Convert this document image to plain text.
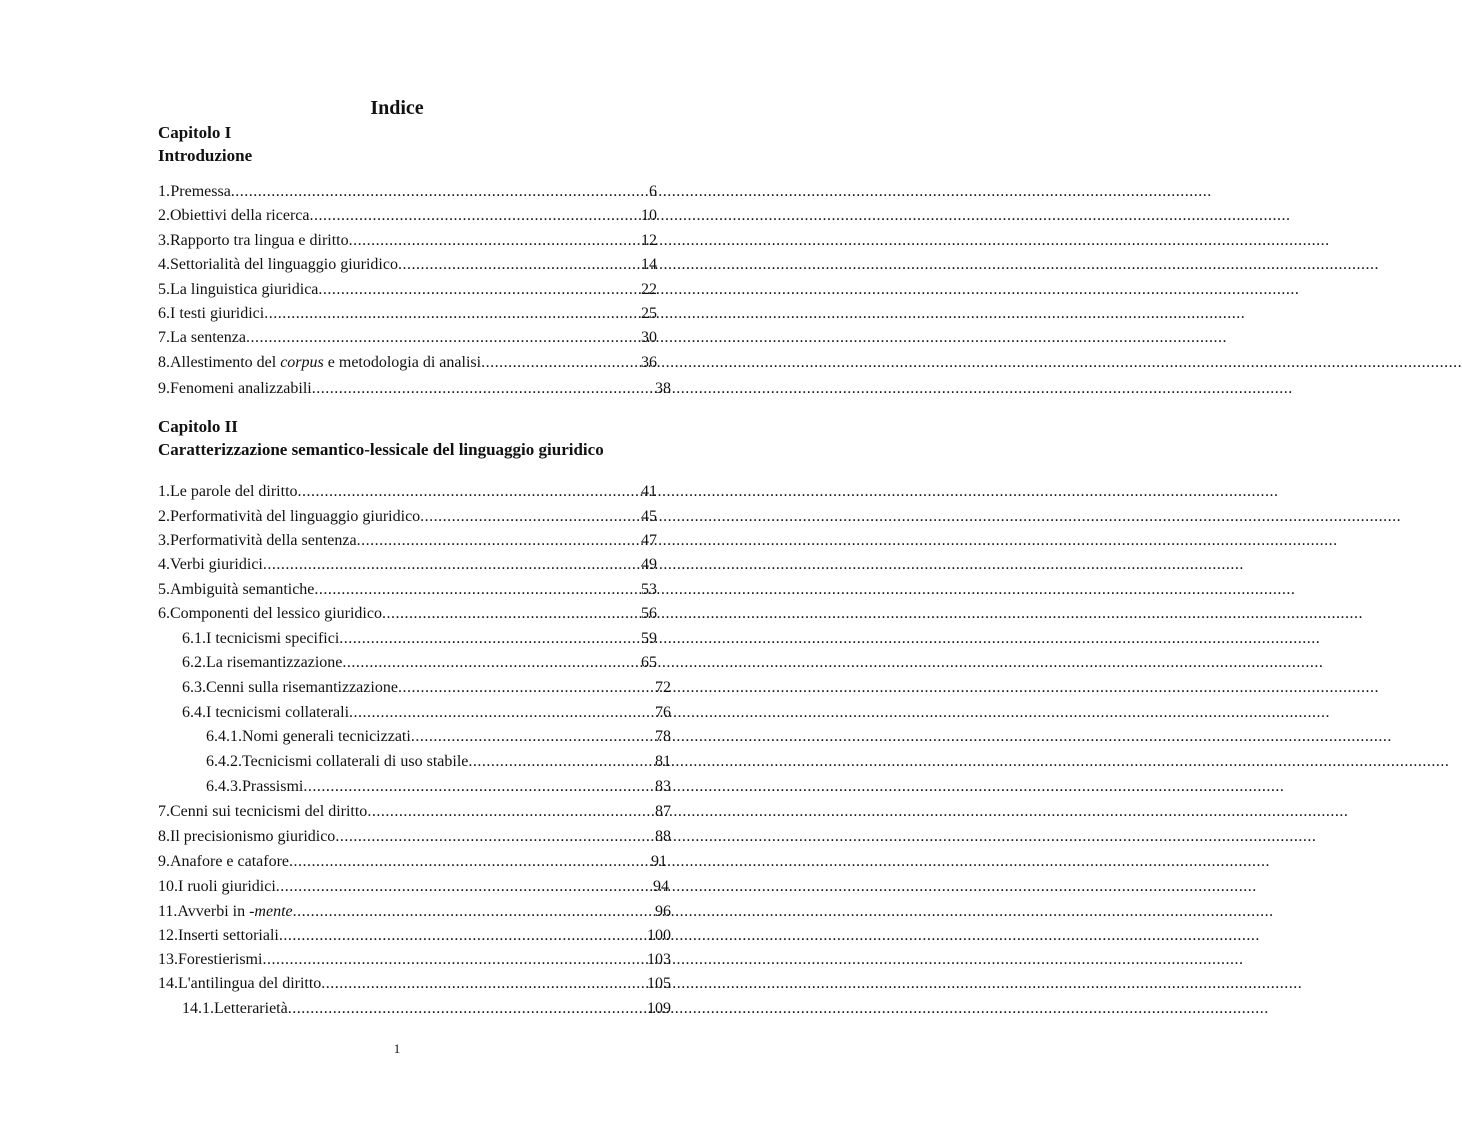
Indice
Capitolo I
Introduzione
1. Premessa .....	6
2. Obiettivi della ricerca .....	10
3. Rapporto tra lingua e diritto .....	12
4. Settorialità del linguaggio giuridico .....	14
5. La linguistica giuridica .....	22
6. I testi giuridici .....	25
7. La sentenza .....	30
8. Allestimento del corpus e metodologia di analisi .....	36
9. Fenomeni analizzabili .....	38
Capitolo II
Caratterizzazione semantico-lessicale del linguaggio giuridico
1. Le parole del diritto .....	41
2. Performatività del linguaggio giuridico .....	45
3. Performatività della sentenza .....	47
4. Verbi giuridici .....	49
5. Ambiguità semantiche .....	53
6. Componenti del lessico giuridico .....	56
6.1. I tecnicismi specifici .....	59
6.2. La risemantizzazione .....	65
6.3. Cenni sulla risemantizzazione .....	72
6.4. I tecnicismi collaterali .....	76
6.4.1. Nomi generali tecnicizzati .....	78
6.4.2. Tecnicismi collaterali di uso stabile .....	81
6.4.3. Prassismi .....	83
7. Cenni sui tecnicismi del diritto .....	87
8. Il precisionismo giuridico .....	88
9. Anafore e catafore .....	91
10. I ruoli giuridici .....	94
11. Avverbi in -mente .....	96
12. Inserti settoriali .....	100
13. Forestierismi .....	103
14. L'antilingua del diritto .....	105
14.1. Letterarietà .....	109
1
